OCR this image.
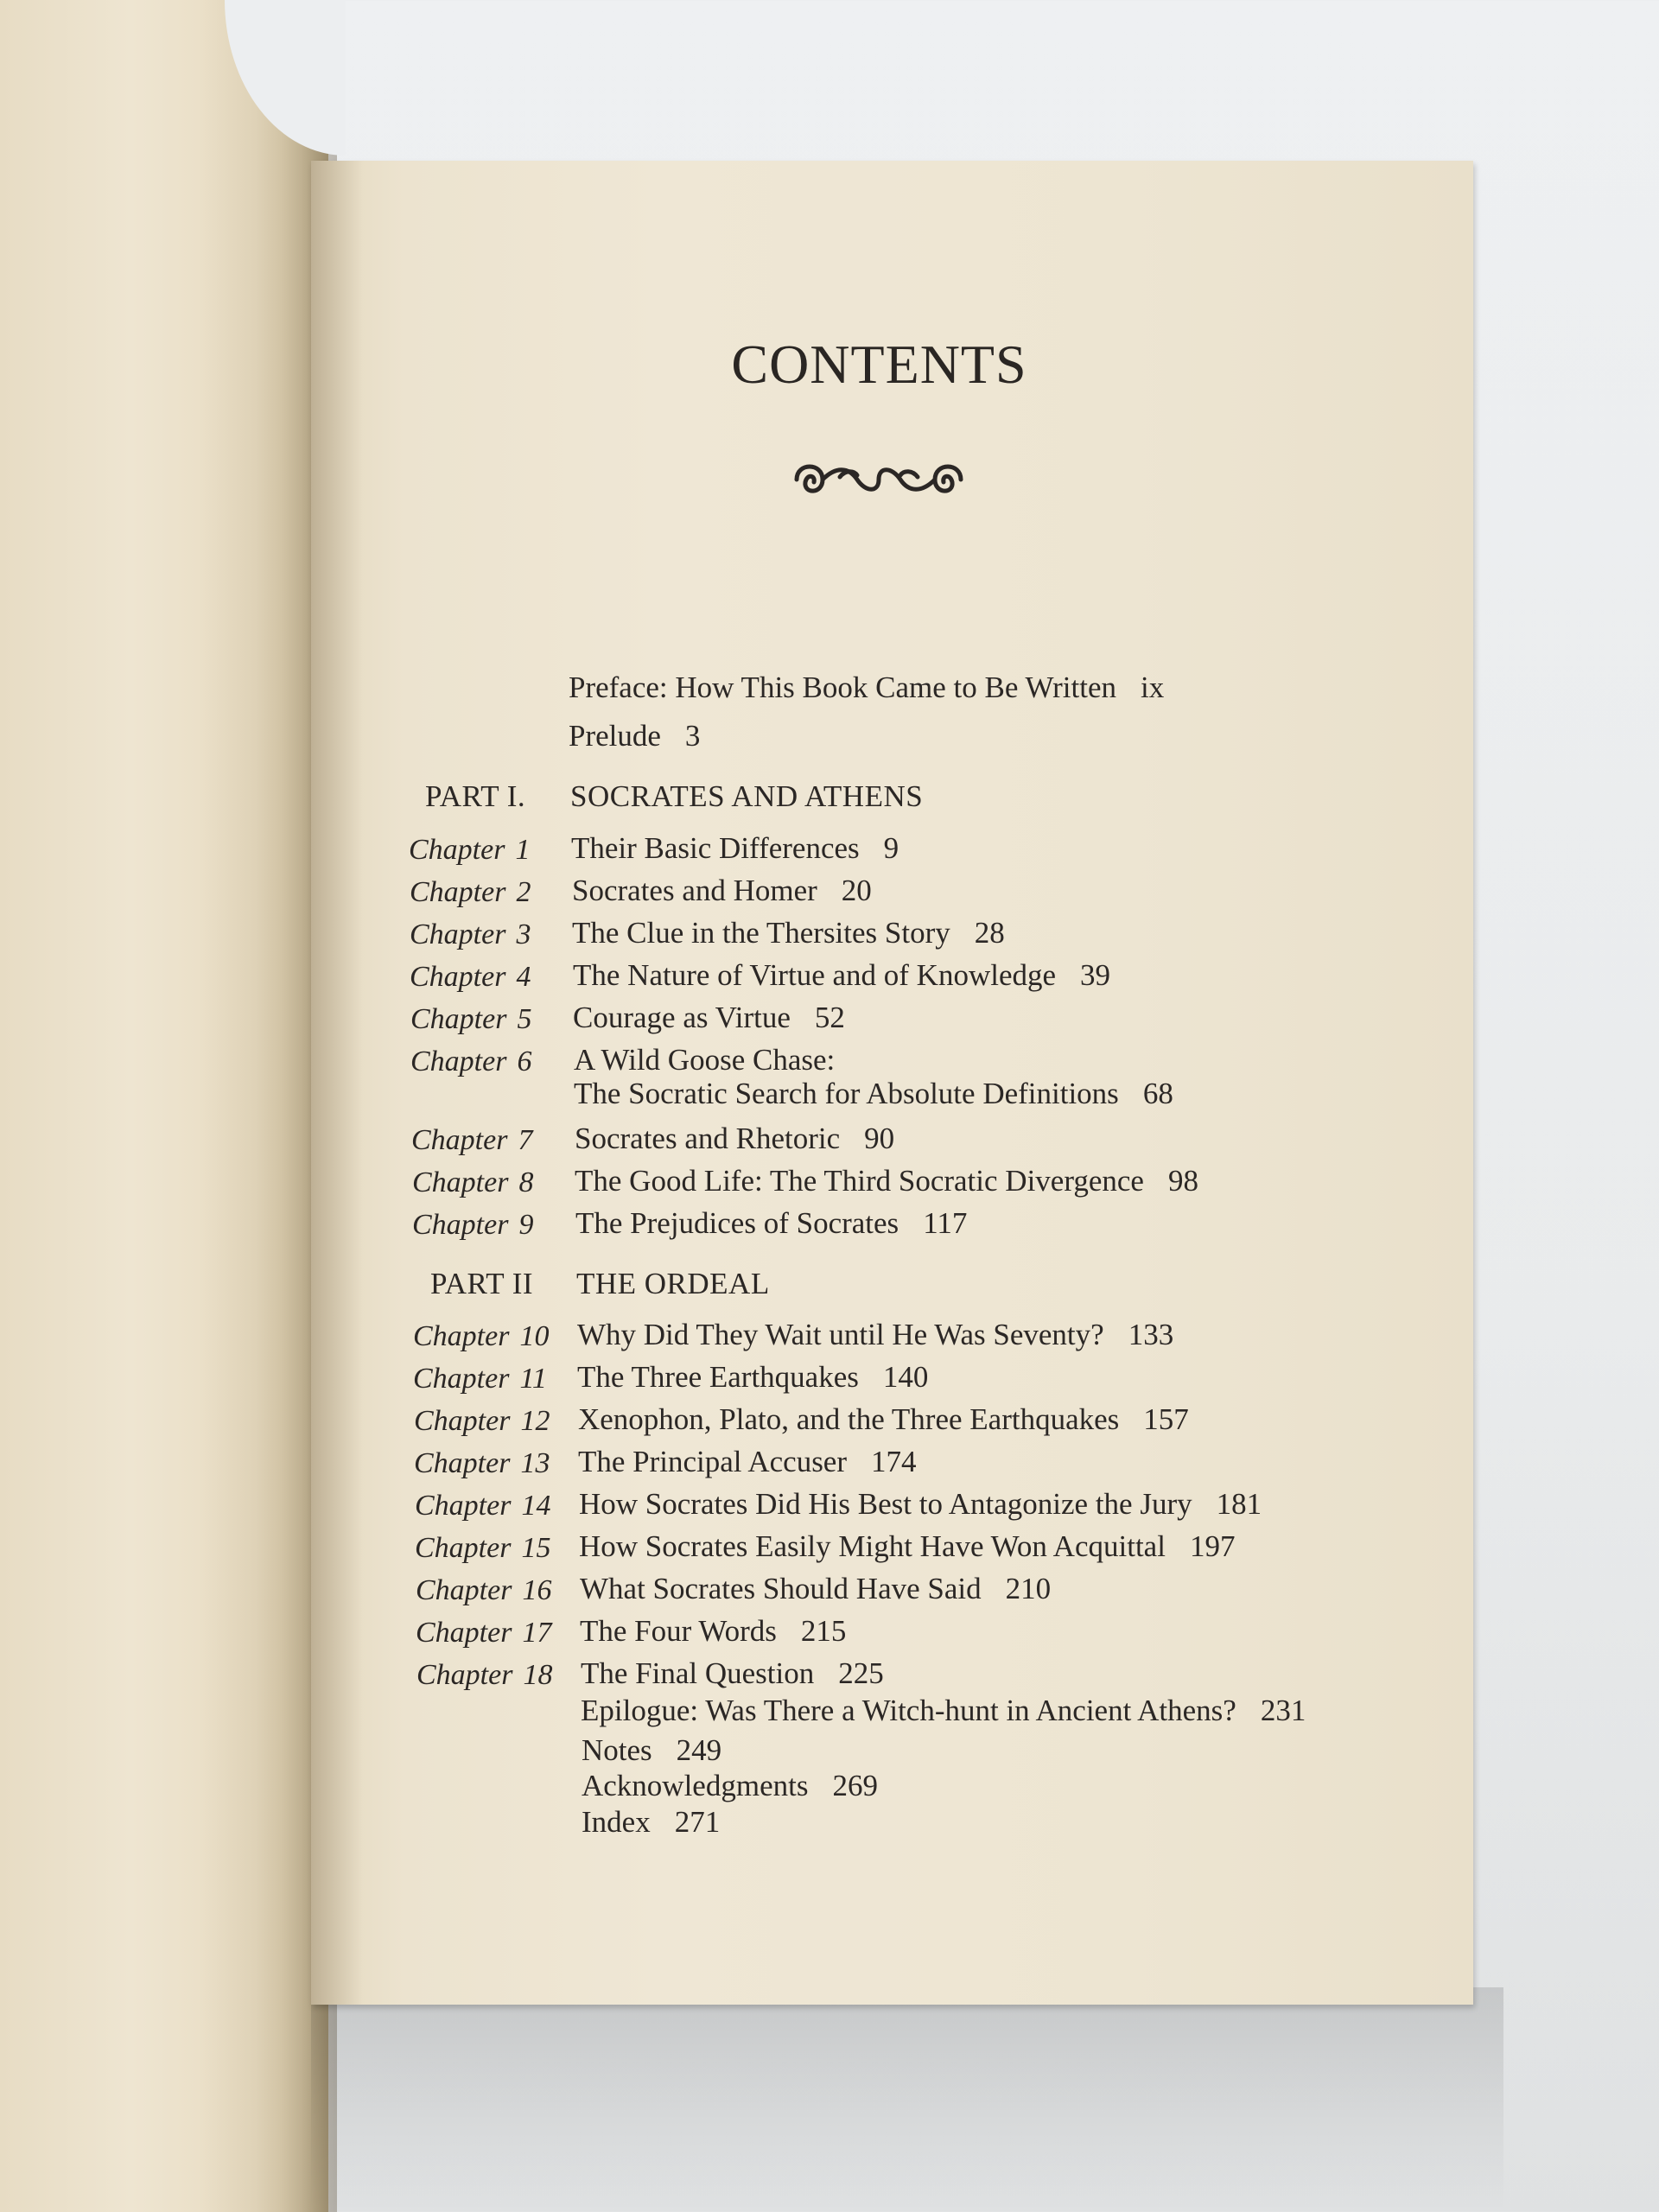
CONTENTS
Preface: How This Book Came to Be Written ix
Prelude 3
PART I. SOCRATES AND ATHENS
Chapter 1 Their Basic Differences 9
Chapter 2 Socrates and Homer 20
Chapter 3 The Clue in the Thersites Story 28
Chapter 4 The Nature of Virtue and of Knowledge 39
Chapter 5 Courage as Virtue 52
Chapter 6 A Wild Goose Chase:
The Socratic Search for Absolute Definitions 68
Chapter 7 Socrates and Rhetoric 90
Chapter 8 The Good Life: The Third Socratic Divergence 98
Chapter 9 The Prejudices of Socrates 117
PART II THE ORDEAL
Chapter 10 Why Did They Wait until He Was Seventy? 133
Chapter 11 The Three Earthquakes 140
Chapter 12 Xenophon, Plato, and the Three Earthquakes 157
Chapter 13 The Principal Accuser 174
Chapter 14 How Socrates Did His Best to Antagonize the Jury 181
Chapter 15 How Socrates Easily Might Have Won Acquittal 197
Chapter 16 What Socrates Should Have Said 210
Chapter 17 The Four Words 215
Chapter 18 The Final Question 225
Epilogue: Was There a Witch-hunt in Ancient Athens? 231
Notes 249
Acknowledgments 269
Index 271
